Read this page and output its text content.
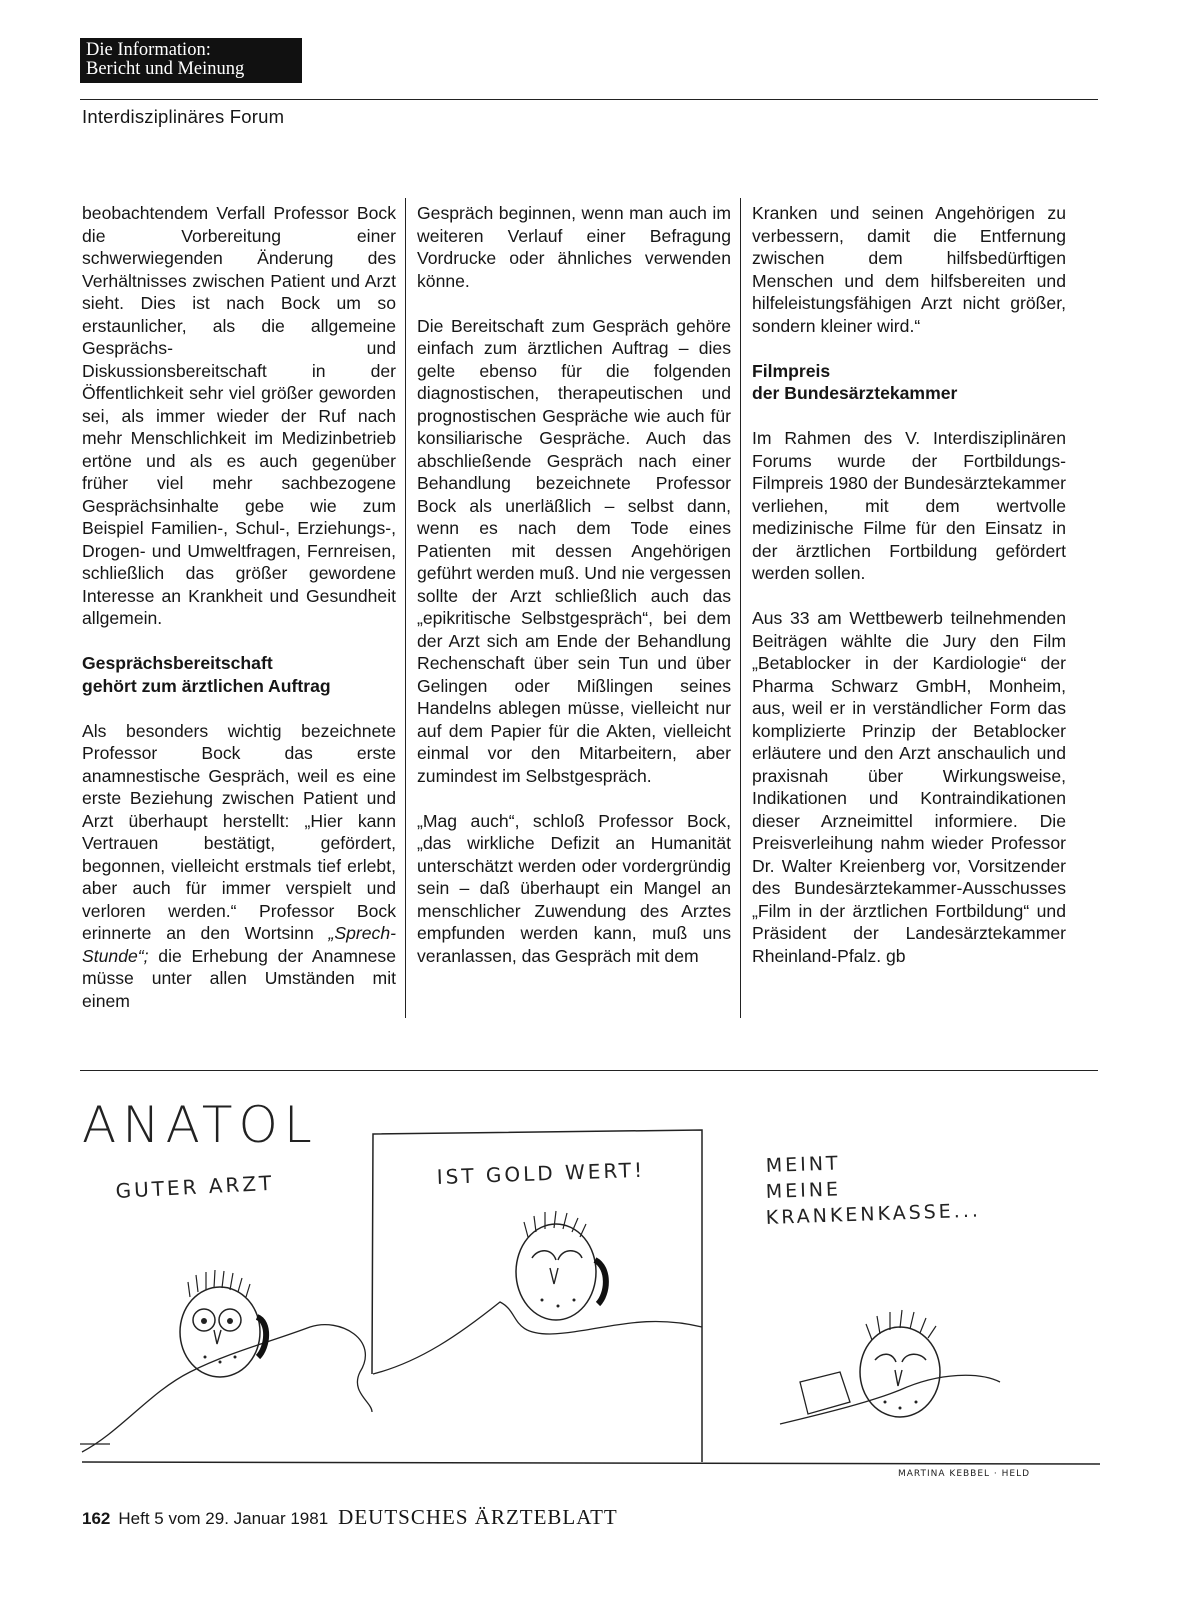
Die Information:
Bericht und Meinung
Interdisziplinäres Forum

beobachtendem Verfall Professor Bock die Vorbereitung einer schwerwiegenden Änderung des Verhältnisses zwischen Patient und Arzt sieht. Dies ist nach Bock um so erstaunlicher, als die allgemeine Gesprächs- und Diskussionsbereitschaft in der Öffentlichkeit sehr viel größer geworden sei, als immer wieder der Ruf nach mehr Menschlichkeit im Medizinbetrieb ertöne und als es auch gegenüber früher viel mehr sachbezogene Gesprächsinhalte gebe wie zum Beispiel Familien-, Schul-, Erziehungs-, Drogen- und Umweltfragen, Fernreisen, schließlich das größer gewordene Interesse an Krankheit und Gesundheit allgemein.

Gesprächsbereitschaft
gehört zum ärztlichen Auftrag

Als besonders wichtig bezeichnete Professor Bock das erste anamnestische Gespräch, weil es eine erste Beziehung zwischen Patient und Arzt überhaupt herstellt: „Hier kann Vertrauen bestätigt, gefördert, begonnen, vielleicht erstmals tief erlebt, aber auch für immer verspielt und verloren werden.“ Professor Bock erinnerte an den Wortsinn „Sprech-Stunde“; die Erhebung der Anamnese müsse unter allen Umständen mit einem

Gespräch beginnen, wenn man auch im weiteren Verlauf einer Befragung Vordrucke oder ähnliches verwenden könne.

Die Bereitschaft zum Gespräch gehöre einfach zum ärztlichen Auftrag – dies gelte ebenso für die folgenden diagnostischen, therapeutischen und prognostischen Gespräche wie auch für konsiliarische Gespräche. Auch das abschließende Gespräch nach einer Behandlung bezeichnete Professor Bock als unerläßlich – selbst dann, wenn es nach dem Tode eines Patienten mit dessen Angehörigen geführt werden muß. Und nie vergessen sollte der Arzt schließlich auch das „epikritische Selbstgespräch“, bei dem der Arzt sich am Ende der Behandlung Rechenschaft über sein Tun und über Gelingen oder Mißlingen seines Handelns ablegen müsse, vielleicht nur auf dem Papier für die Akten, vielleicht einmal vor den Mitarbeitern, aber zumindest im Selbstgespräch.

„Mag auch“, schloß Professor Bock, „das wirkliche Defizit an Humanität unterschätzt werden oder vordergründig sein – daß überhaupt ein Mangel an menschlicher Zuwendung des Arztes empfunden werden kann, muß uns veranlassen, das Gespräch mit dem

Kranken und seinen Angehörigen zu verbessern, damit die Entfernung zwischen dem hilfsbedürftigen Menschen und dem hilfsbereiten und hilfeleistungsfähigen Arzt nicht größer, sondern kleiner wird.“

Filmpreis
der Bundesärztekammer

Im Rahmen des V. Interdisziplinären Forums wurde der Fortbildungs-Filmpreis 1980 der Bundesärztekammer verliehen, mit dem wertvolle medizinische Filme für den Einsatz in der ärztlichen Fortbildung gefördert werden sollen.

Aus 33 am Wettbewerb teilnehmenden Beiträgen wählte die Jury den Film „Betablocker in der Kardiologie“ der Pharma Schwarz GmbH, Monheim, aus, weil er in verständlicher Form das komplizierte Prinzip der Betablocker erläutere und den Arzt anschaulich und praxisnah über Wirkungsweise, Indikationen und Kontraindikationen dieser Arzneimittel informiere. Die Preisverleihung nahm wieder Professor Dr. Walter Kreienberg vor, Vorsitzender des Bundesärztekammer-Ausschusses „Film in der ärztlichen Fortbildung“ und Präsident der Landesärztekammer Rheinland-Pfalz. gb

ANATOL
GUTER ARZT	IST GOLD WERT!	MEINT
MEINE
KRANKENKASSE...
MARTINA KEBBEL · HELD
162 Heft 5 vom 29. Januar 1981 DEUTSCHES ÄRZTEBLATT
